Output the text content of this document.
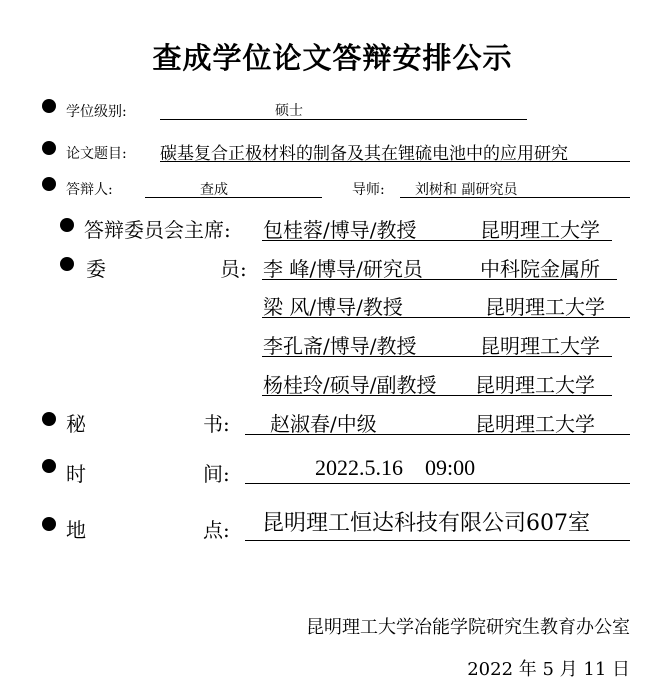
查成学位论文答辩安排公示
学位级别:	硕士
论文题目: 碳基复合正极材料的制备及其在锂硫电池中的应用研究
答辩人:	查成	导师: 刘树和 副研究员
答辩委员会主席: 包桂蓉/博导/教授	昆明理工大学
委	员: 李 峰/博导/研究员	中科院金属所
梁 风/博导/教授	昆明理工大学
李孔斋/博导/教授	昆明理工大学
杨桂玲/硕导/副教授 昆明理工大学
秘	书: 赵淑春/中级	昆明理工大学
时	间:	2022.5.16    09:00
地	点: 昆明理工恒达科技有限公司607室
昆明理工大学冶能学院研究生教育办公室
2022 年 5 月 11 日
